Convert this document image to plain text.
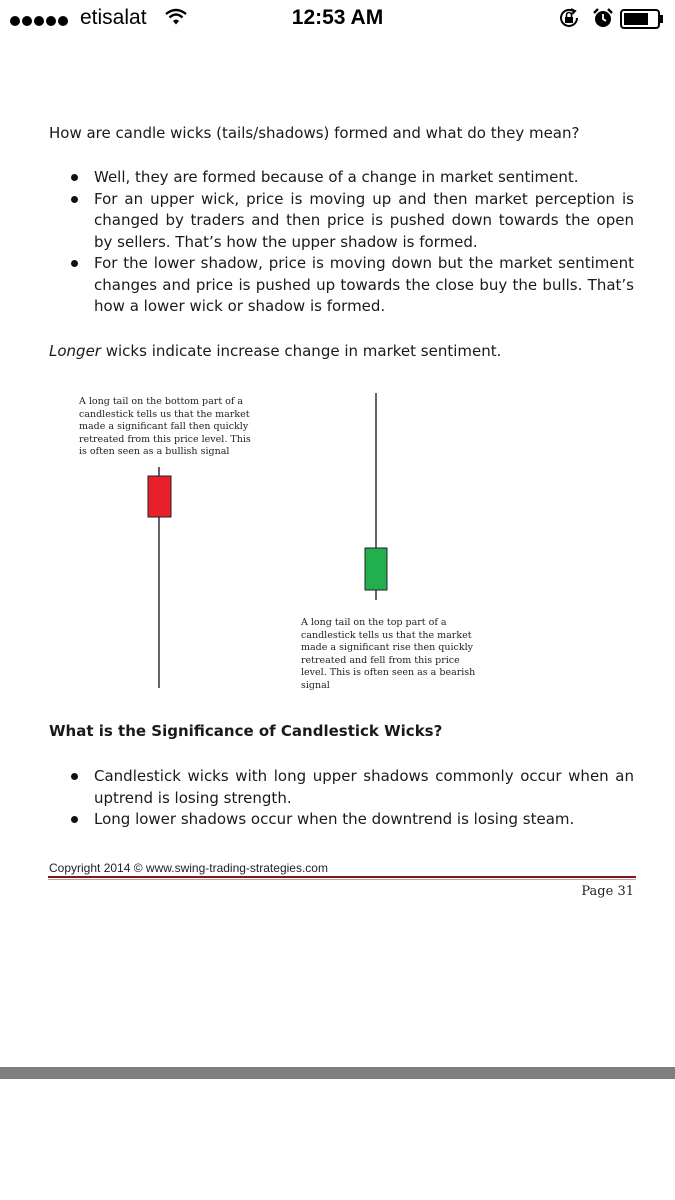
etisalat	12:53 AM
How are candle wicks (tails/shadows) formed and what do they mean?
Well, they are formed because of a change in market sentiment.
For an upper wick, price is moving up and then market perception is changed by traders and then price is pushed down towards the open by sellers. That’s how the upper shadow is formed.
For the lower shadow, price is moving down but the market sentiment changes and price is pushed up towards the close buy the bulls. That’s how a lower wick or shadow is formed.
Longer wicks indicate increase change in market sentiment.
A long tail on the bottom part of a candlestick tells us that the market made a significant fall then quickly retreated from this price level. This is often seen as a bullish signal
A long tail on the top part of a candlestick tells us that the market made a significant rise then quickly retreated and fell from this price level. This is often seen as a bearish signal
What is the Significance of Candlestick Wicks?
Candlestick wicks with long upper shadows commonly occur when an uptrend is losing strength.
Long lower shadows occur when the downtrend is losing steam.
Copyright 2014 © www.swing-trading-strategies.com
Page 31
